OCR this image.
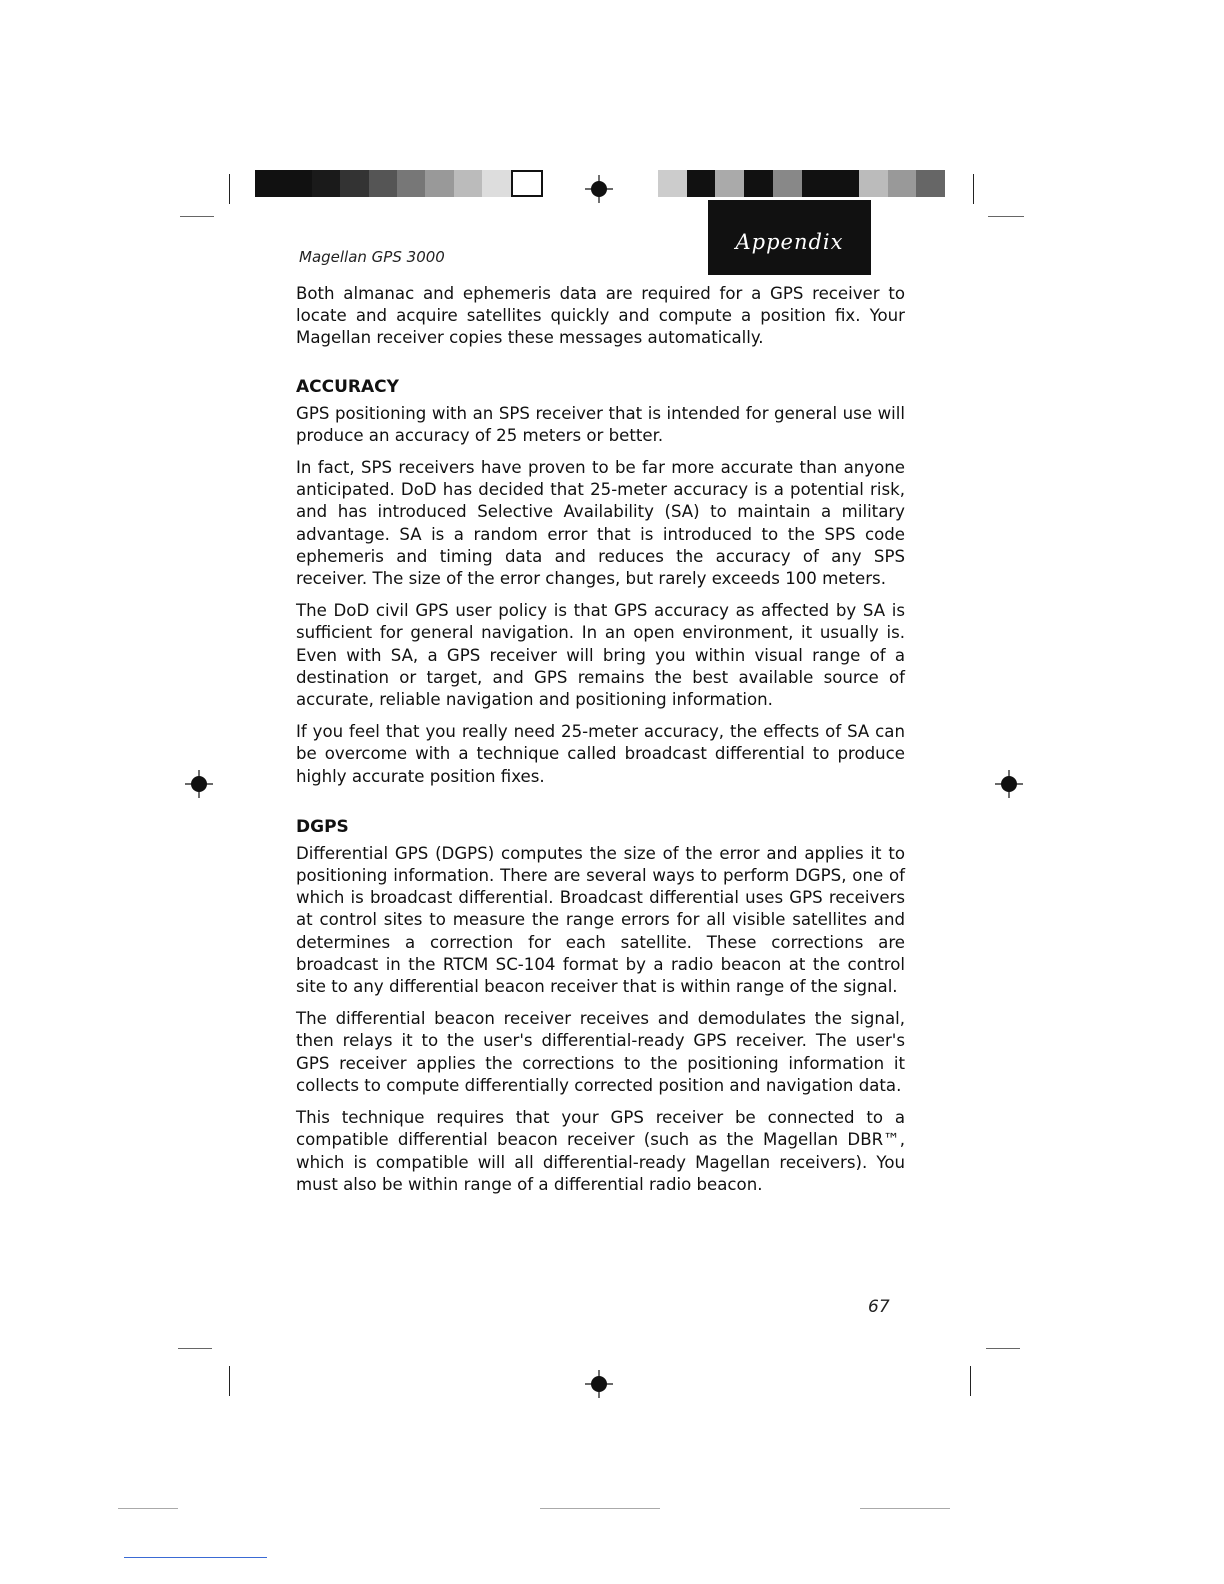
Magellan GPS 3000
Appendix

Both almanac and ephemeris data are required for a GPS receiver to locate and acquire satellites quickly and compute a position fix. Your Magellan receiver copies these messages automatically.

ACCURACY

GPS positioning with an SPS receiver that is intended for general use will produce an accuracy of 25 meters or better.

In fact, SPS receivers have proven to be far more accurate than anyone anticipated. DoD has decided that 25-meter accuracy is a potential risk, and has introduced Selective Availability (SA) to maintain a military advantage. SA is a random error that is introduced to the SPS code ephemeris and timing data and reduces the accuracy of any SPS receiver. The size of the error changes, but rarely exceeds 100 meters.

The DoD civil GPS user policy is that GPS accuracy as affected by SA is sufficient for general navigation. In an open environment, it usually is. Even with SA, a GPS receiver will bring you within visual range of a destination or target, and GPS remains the best available source of accurate, reliable navigation and positioning information.

If you feel that you really need 25-meter accuracy, the effects of SA can be overcome with a technique called broadcast differential to produce highly accurate position fixes.

DGPS

Differential GPS (DGPS) computes the size of the error and applies it to positioning information. There are several ways to perform DGPS, one of which is broadcast differential. Broadcast differential uses GPS receivers at control sites to measure the range errors for all visible satellites and determines a correction for each satellite. These corrections are broadcast in the RTCM SC-104 format by a radio beacon at the control site to any differential beacon receiver that is within range of the signal.

The differential beacon receiver receives and demodulates the signal, then relays it to the user's differential-ready GPS receiver. The user's GPS receiver applies the corrections to the positioning information it collects to compute differentially corrected position and navigation data.

This technique requires that your GPS receiver be connected to a compatible differential beacon receiver (such as the Magellan DBR™, which is compatible will all differential-ready Magellan receivers). You must also be within range of a differential radio beacon.

67
